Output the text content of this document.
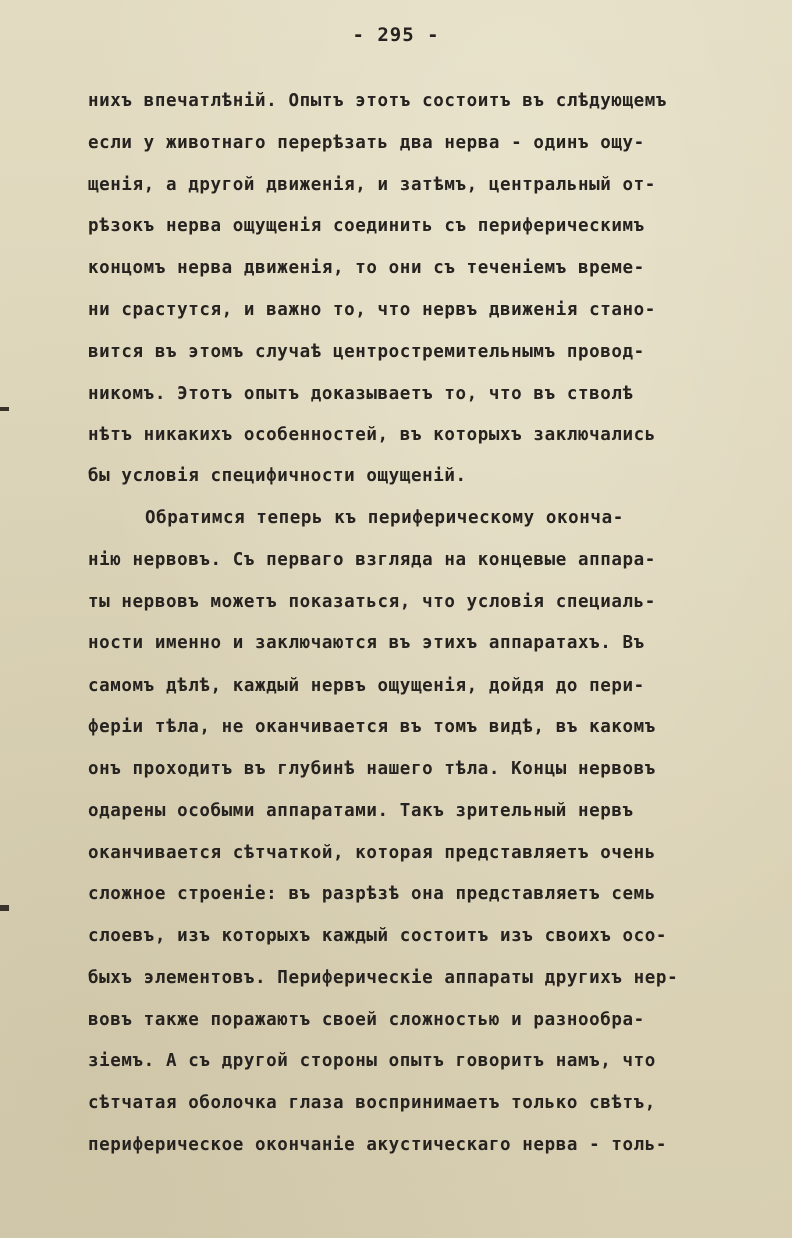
- 295 -
нихъ впечатлѣнiй. Опытъ этотъ состоитъ въ слѣдующемъ
если у животнаго перерѣзать два нерва - одинъ ощу-
щенiя, а другой движенiя, и затѣмъ, центральный от-
рѣзокъ нерва ощущенiя соединить съ периферическимъ
концомъ нерва движенiя, то они съ теченiемъ време-
ни срастутся, и важно то, что нервъ движенiя стано-
вится въ этомъ случаѣ центростремительнымъ провод-
никомъ. Этотъ опытъ доказываетъ то, что въ стволѣ
нѣтъ никакихъ особенностей, въ которыхъ заключались
бы условiя специфичности ощущенiй.
Обратимся теперь къ периферическому оконча-
нiю нервовъ. Съ перваго взгляда на концевые аппара-
ты нервовъ можетъ показаться, что условiя специаль-
ности именно и заключаются въ этихъ аппаратахъ. Въ
самомъ дѣлѣ, каждый нервъ ощущенiя, дойдя до пери-
ферiи тѣла, не оканчивается въ томъ видѣ, въ какомъ
онъ проходитъ въ глубинѣ нашего тѣла. Концы нервовъ
одарены особыми аппаратами. Такъ зрительный нервъ
оканчивается сѣтчаткой, которая представляетъ очень
сложное строенiе: въ разрѣзѣ она представляетъ семь
слоевъ, изъ которыхъ каждый состоитъ изъ своихъ осо-
быхъ элементовъ. Периферическiе аппараты другихъ нер-
вовъ также поражаютъ своей сложностью и разнообра-
зiемъ. А съ другой стороны опытъ говоритъ намъ, что
сѣтчатая оболочка глаза воспринимаетъ только свѣтъ,
периферическое окончанiе акустическаго нерва - толь-
